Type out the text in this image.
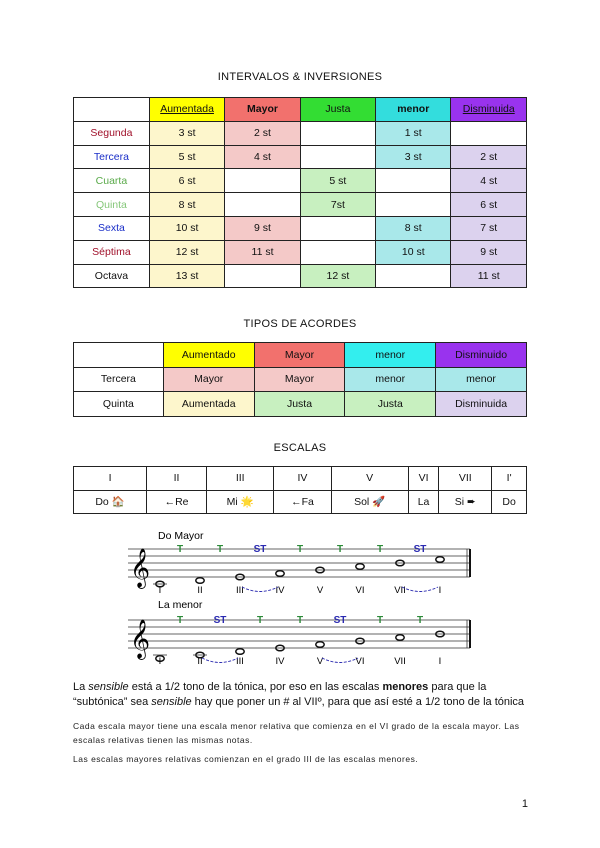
INTERVALOS & INVERSIONES
	Aumentada	Mayor	Justa	menor	Disminuida
Segunda	3 st	2 st		1 st	
Tercera	5 st	4 st		3 st	2 st
Cuarta	6 st		5 st		4 st
Quinta	8 st		7st		6 st
Sexta	10 st	9 st		8 st	7 st
Séptima	12 st	11 st		10 st	9 st
Octava	13 st		12 st		11 st
TIPOS DE ACORDES
	Aumentado	Mayor	menor	Disminuido
Tercera	Mayor	Mayor	menor	menor
Quinta	Aumentada	Justa	Justa	Disminuida
ESCALAS
I	II	III	IV	V	VI	VII	I'
Do 🏠	←Re	Mi 🌟	←Fa	Sol 🚀	La	Si ➨	Do
𝄞	T	T	ST	T	T	T	ST
I	II	III	IV	V	VI	VII	I
𝄞	T	ST	T	T	ST	T	T
I	II	III	IV	V	VI	VII	I
Do Mayor
La menor
La sensible está a 1/2 tono de la tónica, por eso en las escalas menores para que la “subtónica” sea sensible hay que poner un # al VIIº, para que así esté a 1/2 tono de la tónica
Cada escala mayor tiene una escala menor relativa que comienza en el VI grado de la escala mayor. Las escalas relativas tienen las mismas notas.
Las escalas mayores relativas comienzan en el grado III de las escalas menores.
1
